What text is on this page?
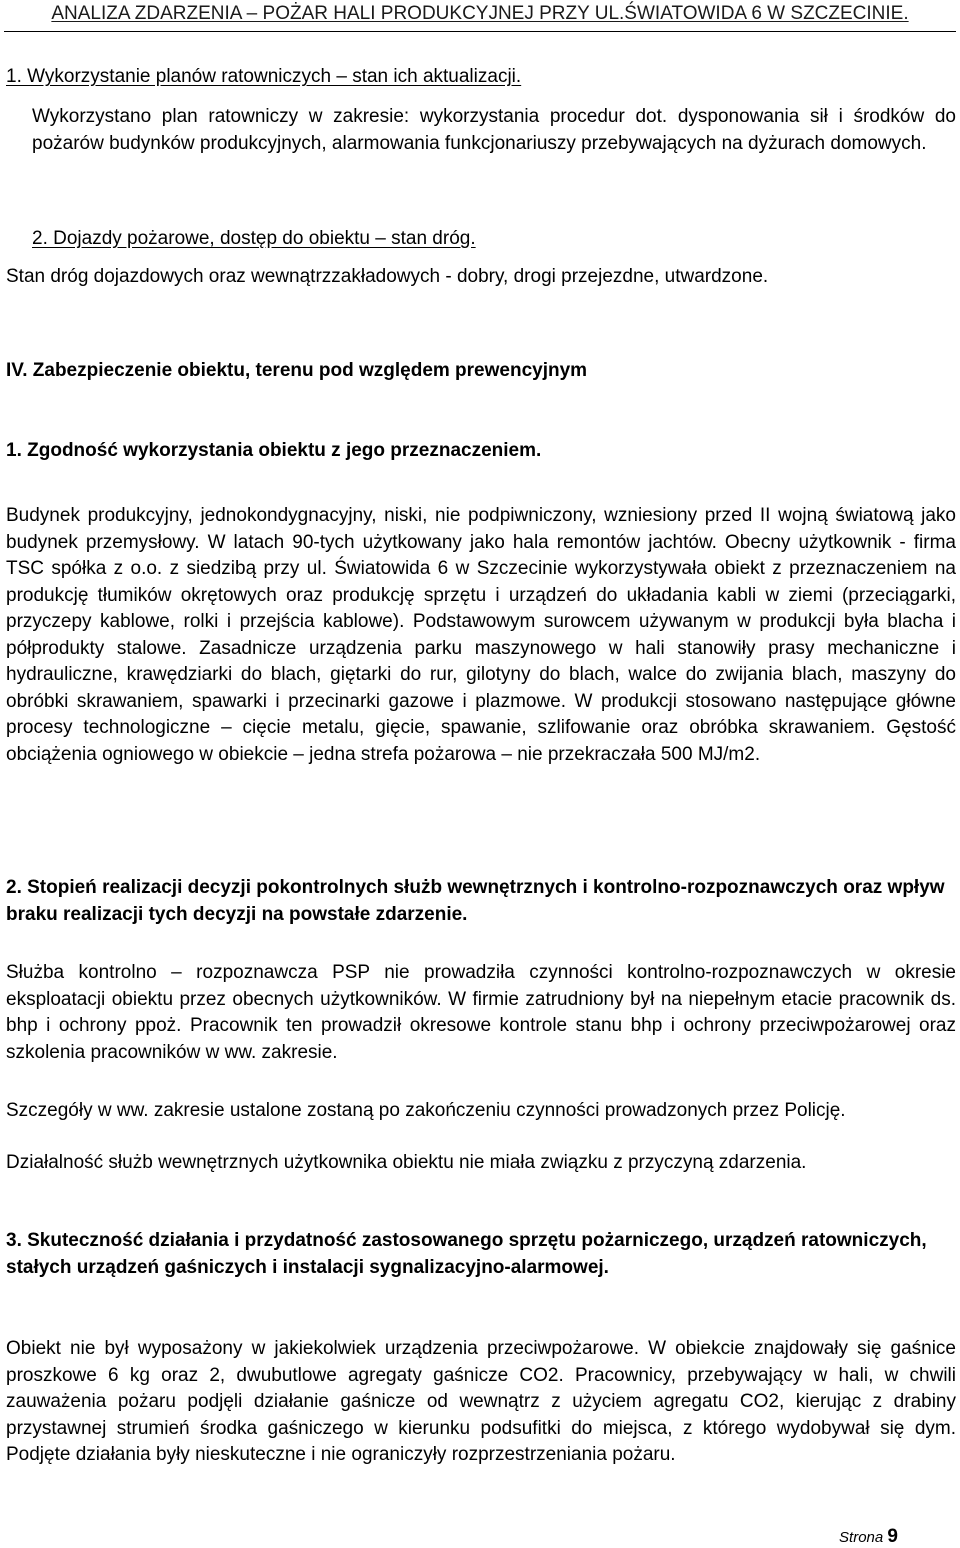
ANALIZA ZDARZENIA – POŻAR HALI PRODUKCYJNEJ PRZY UL.ŚWIATOWIDA 6 W SZCZECINIE.

1. Wykorzystanie planów ratowniczych – stan ich aktualizacji.

Wykorzystano plan ratowniczy w zakresie: wykorzystania procedur dot. dysponowania sił i środków do pożarów budynków produkcyjnych, alarmowania funkcjonariuszy przebywających na dyżurach domowych.

2. Dojazdy pożarowe, dostęp do obiektu – stan dróg.

Stan dróg dojazdowych oraz wewnątrzzakładowych - dobry, drogi przejezdne, utwardzone.

IV. Zabezpieczenie obiektu, terenu pod względem prewencyjnym

1. Zgodność wykorzystania obiektu z jego przeznaczeniem.

Budynek produkcyjny, jednokondygnacyjny, niski, nie podpiwniczony, wzniesiony przed II wojną światową jako budynek przemysłowy. W latach 90-tych użytkowany jako hala remontów jachtów. Obecny użytkownik - firma TSC spółka z o.o. z siedzibą przy ul. Światowida 6 w Szczecinie wykorzystywała obiekt z przeznaczeniem na produkcję tłumików okrętowych oraz produkcję sprzętu i urządzeń do układania kabli w ziemi (przeciągarki, przyczepy kablowe, rolki i przejścia kablowe). Podstawowym surowcem używanym w produkcji była blacha i półprodukty stalowe. Zasadnicze urządzenia parku maszynowego w hali stanowiły prasy mechaniczne i hydrauliczne, krawędziarki do blach, giętarki do rur, gilotyny do blach, walce do zwijania blach, maszyny do obróbki skrawaniem, spawarki i przecinarki gazowe i plazmowe. W produkcji stosowano następujące główne procesy technologiczne – cięcie metalu, gięcie, spawanie, szlifowanie oraz obróbka skrawaniem. Gęstość obciążenia ogniowego w obiekcie – jedna strefa pożarowa – nie przekraczała 500 MJ/m2.

2. Stopień realizacji decyzji pokontrolnych służb wewnętrznych i kontrolno-rozpoznawczych oraz wpływ braku realizacji tych decyzji na powstałe zdarzenie.

Służba kontrolno – rozpoznawcza PSP nie prowadziła czynności kontrolno-rozpoznawczych w okresie eksploatacji obiektu przez obecnych użytkowników. W firmie zatrudniony był na niepełnym etacie pracownik ds. bhp i ochrony ppoż. Pracownik ten prowadził okresowe kontrole stanu bhp i ochrony przeciwpożarowej oraz szkolenia pracowników w ww. zakresie.

Szczegóły w ww. zakresie ustalone zostaną po zakończeniu czynności prowadzonych przez Policję.

Działalność służb wewnętrznych użytkownika obiektu nie miała związku z przyczyną zdarzenia.

3. Skuteczność działania i przydatność zastosowanego sprzętu pożarniczego, urządzeń ratowniczych, stałych urządzeń gaśniczych i instalacji sygnalizacyjno-alarmowej.

Obiekt nie był wyposażony w jakiekolwiek urządzenia przeciwpożarowe. W obiekcie znajdowały się gaśnice proszkowe 6 kg oraz 2, dwubutlowe agregaty gaśnicze CO2. Pracownicy, przebywający w hali, w chwili zauważenia pożaru podjęli działanie gaśnicze od wewnątrz z użyciem agregatu CO2, kierując z drabiny przystawnej strumień środka gaśniczego w kierunku podsufitki do miejsca, z którego wydobywał się dym. Podjęte działania były nieskuteczne i nie ograniczyły rozprzestrzeniania pożaru.

Strona 9
